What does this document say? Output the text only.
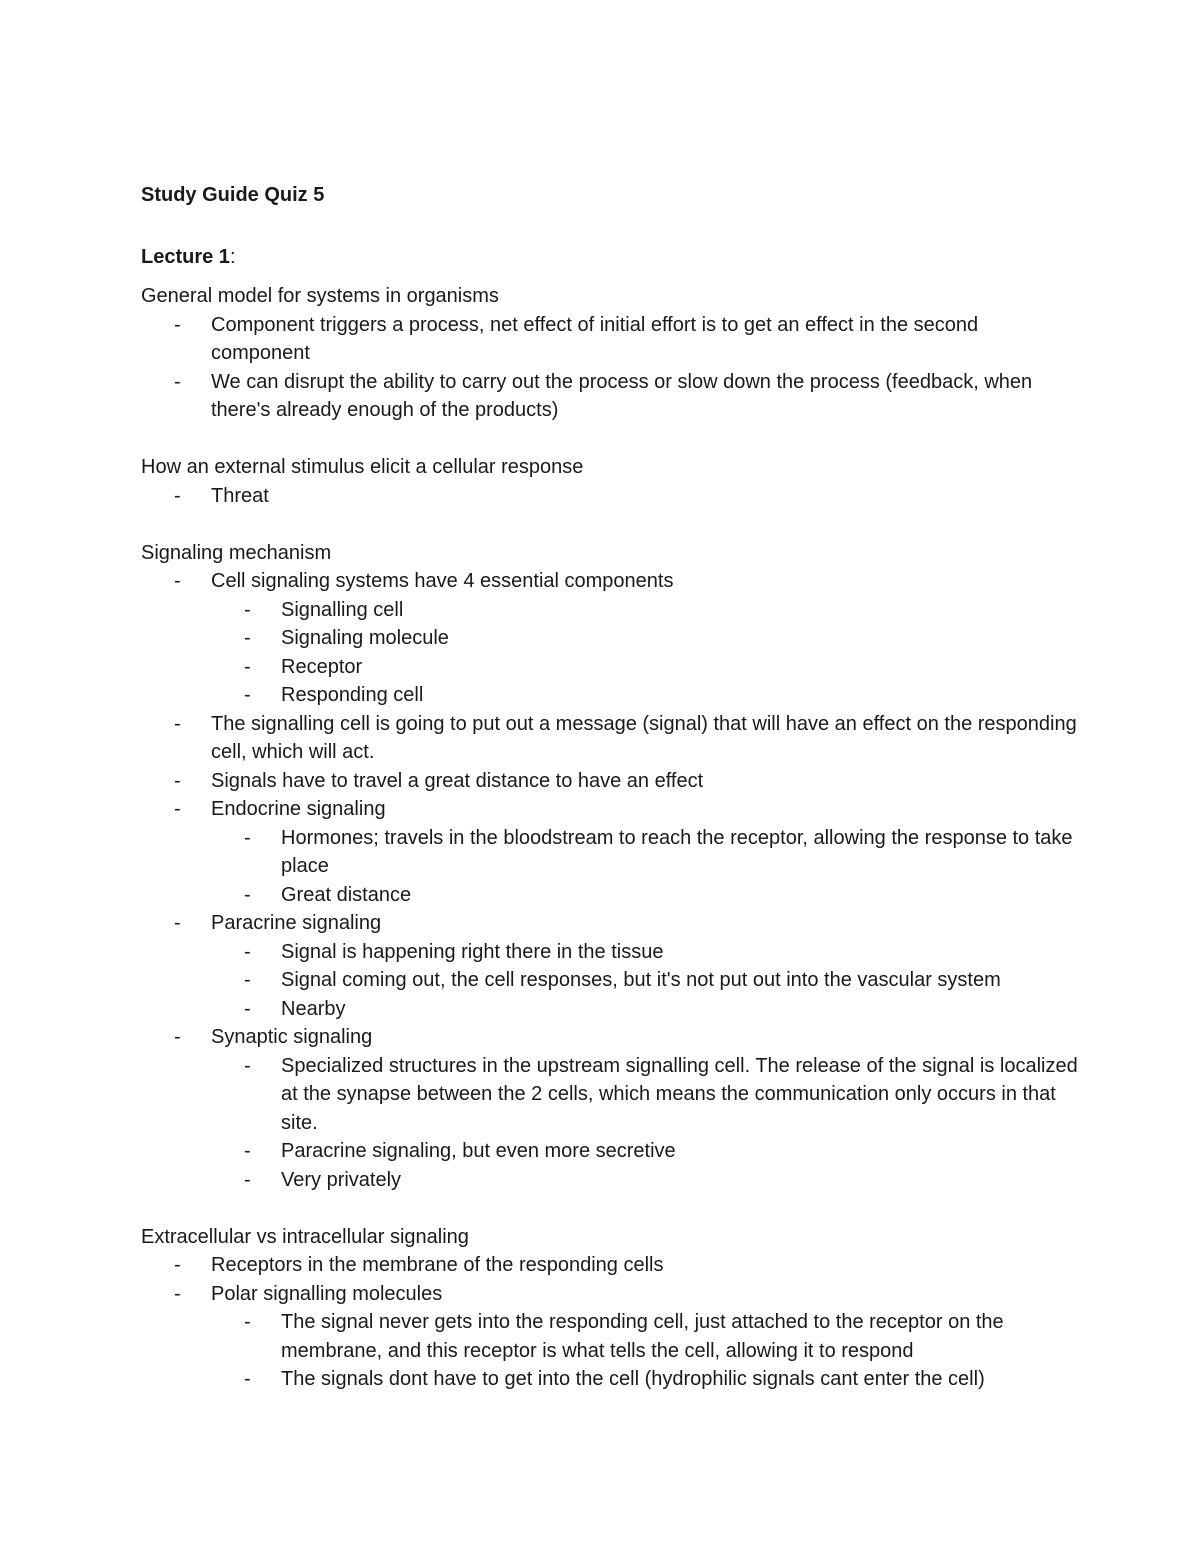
Study Guide Quiz 5
Lecture 1:
General model for systems in organisms
- Component triggers a process, net effect of initial effort is to get an effect in the second component
- We can disrupt the ability to carry out the process or slow down the process (feedback, when there's already enough of the products)
How an external stimulus elicit a cellular response
- Threat
Signaling mechanism
- Cell signaling systems have 4 essential components
- Signalling cell
- Signaling molecule
- Receptor
- Responding cell
- The signalling cell is going to put out a message (signal) that will have an effect on the responding cell, which will act.
- Signals have to travel a great distance to have an effect
- Endocrine signaling
- Hormones; travels in the bloodstream to reach the receptor, allowing the response to take place
- Great distance
- Paracrine signaling
- Signal is happening right there in the tissue
- Signal coming out, the cell responses, but it's not put out into the vascular system
- Nearby
- Synaptic signaling
- Specialized structures in the upstream signalling cell. The release of the signal is localized at the synapse between the 2 cells, which means the communication only occurs in that site.
- Paracrine signaling, but even more secretive
- Very privately
Extracellular vs intracellular signaling
- Receptors in the membrane of the responding cells
- Polar signalling molecules
- The signal never gets into the responding cell, just attached to the receptor on the membrane, and this receptor is what tells the cell, allowing it to respond
- The signals dont have to get into the cell (hydrophilic signals cant enter the cell)
